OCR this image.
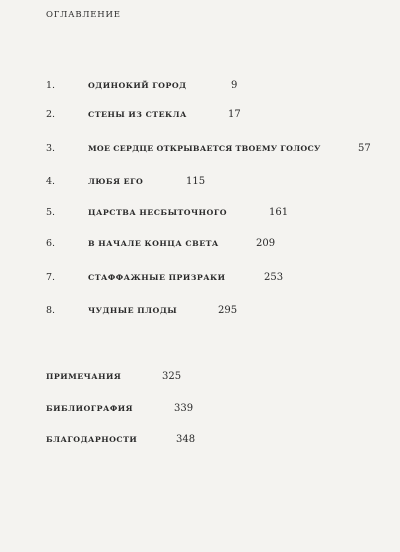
ОГЛАВЛЕНИЕ
1.	ОДИНОКИЙ ГОРОД	9
2.	СТЕНЫ ИЗ СТЕКЛА	17
3.	МОЕ СЕРДЦЕ ОТКРЫВАЕТСЯ ТВОЕМУ ГОЛОСУ	57
4.	ЛЮБЯ ЕГО	115
5.	ЦАРСТВА НЕСБЫТОЧНОГО	161
6.	В НАЧАЛЕ КОНЦА СВЕТА	209
7.	СТАФФАЖНЫЕ ПРИЗРАКИ	253
8.	ЧУДНЫЕ ПЛОДЫ	295
ПРИМЕЧАНИЯ	325
БИБЛИОГРАФИЯ	339
БЛАГОДАРНОСТИ	348
